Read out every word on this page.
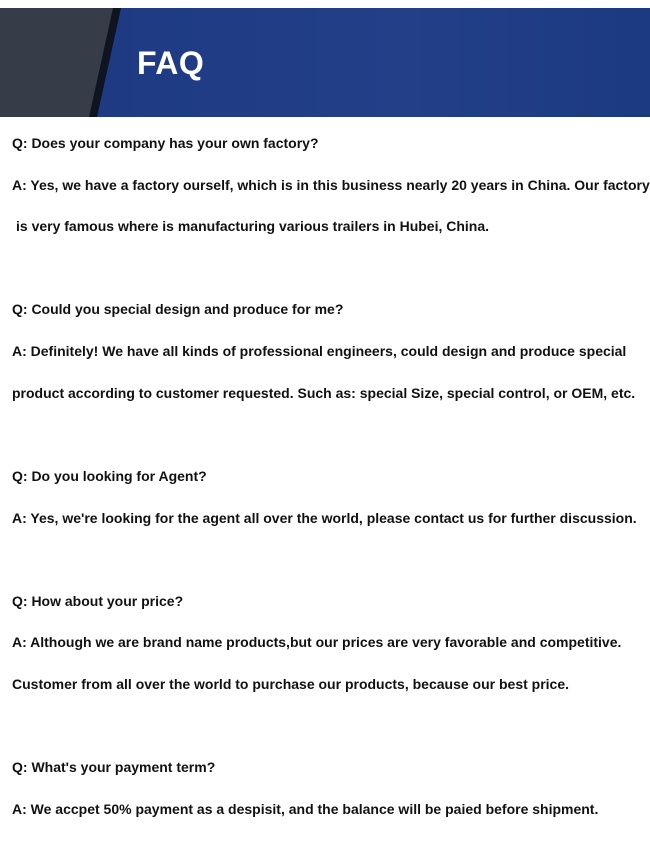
FAQ
Q: Does your company has your own factory?
A: Yes, we have a factory ourself, which is in this business nearly 20 years in China. Our factory
is very famous where is manufacturing various trailers in Hubei, China.
Q: Could you special design and produce for me?
A: Definitely! We have all kinds of professional engineers, could design and produce special
product according to customer requested. Such as: special Size, special control, or OEM, etc.
Q: Do you looking for Agent?
A: Yes, we're looking for the agent all over the world, please contact us for further discussion.
Q: How about your price?
A: Although we are brand name products,but our prices are very favorable and competitive.
Customer from all over the world to purchase our products, because our best price.
Q: What's your payment term?
A: We accpet 50% payment as a despisit, and the balance will be paied before shipment.
